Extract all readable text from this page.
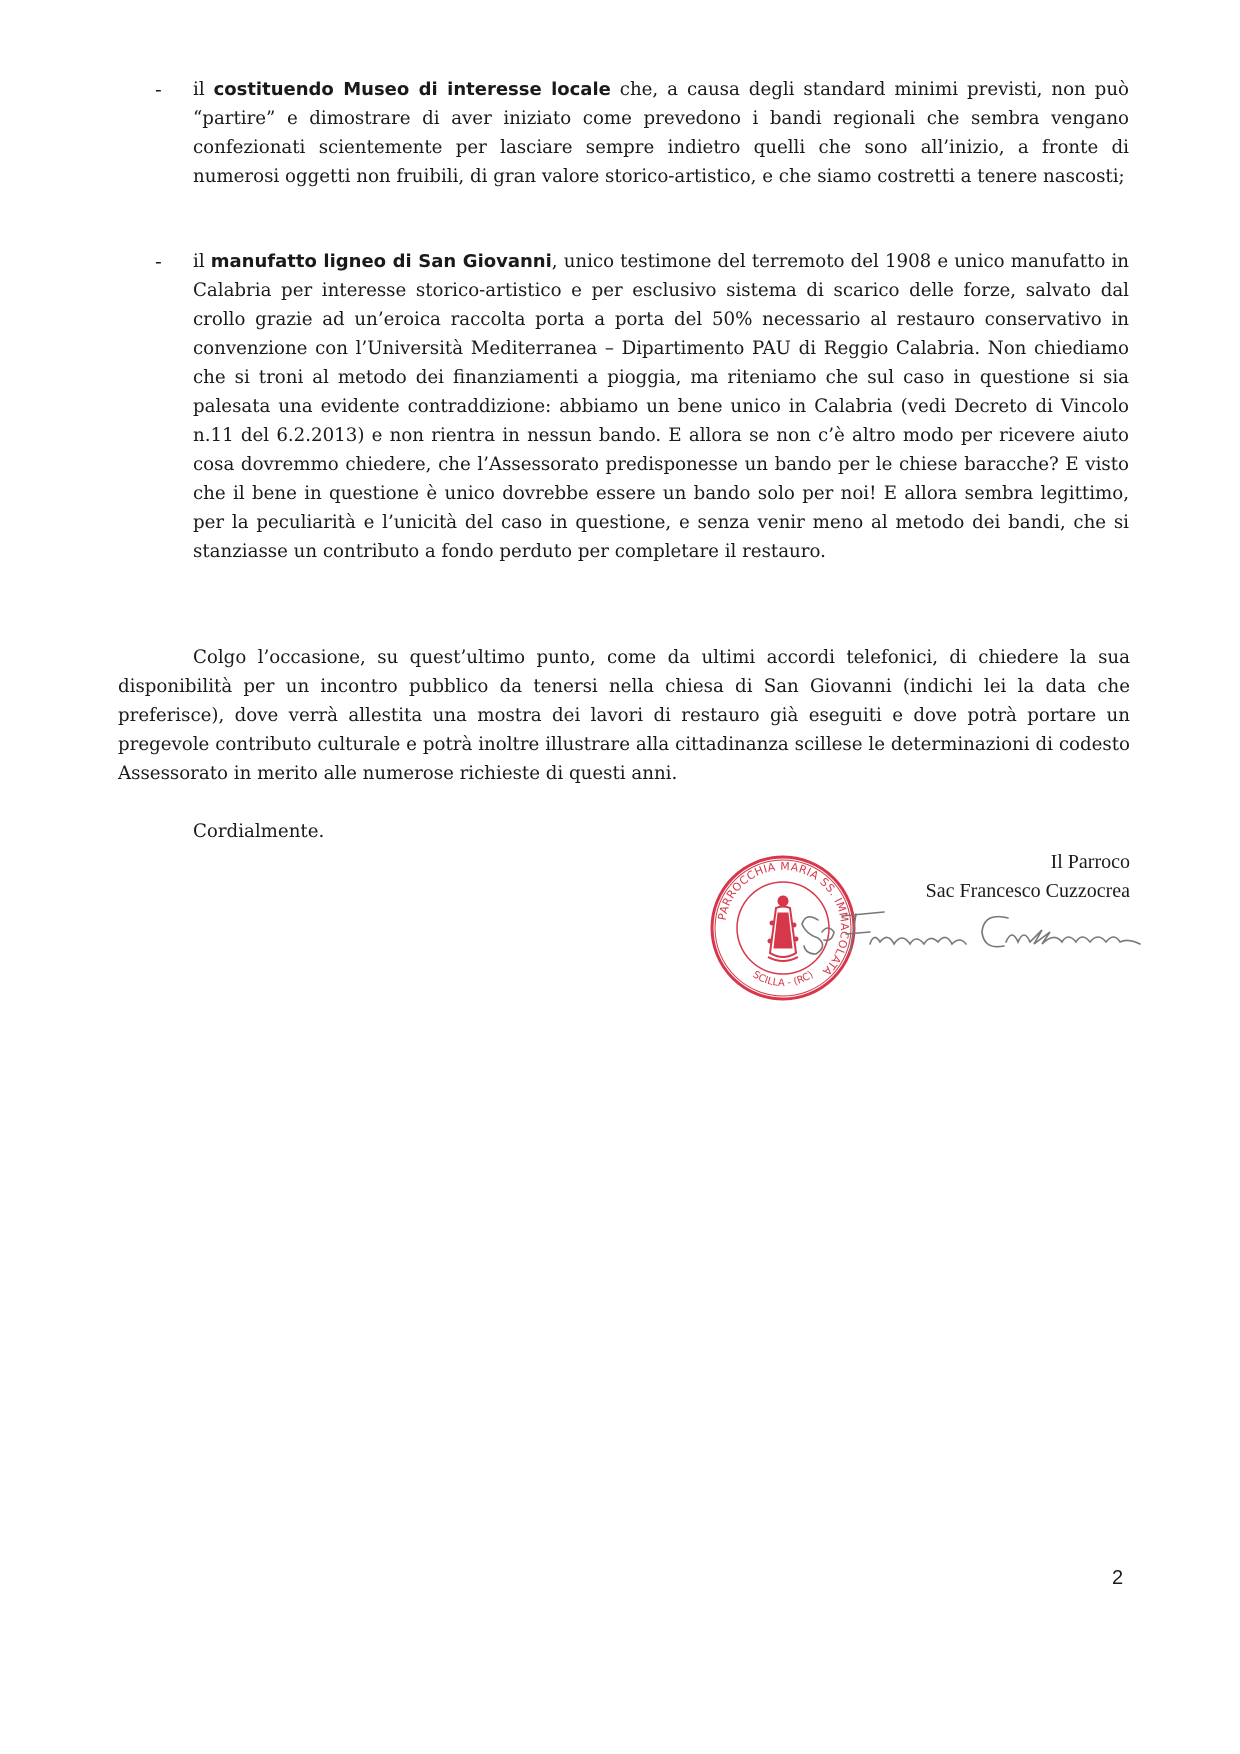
- il costituendo Museo di interesse locale che, a causa degli standard minimi previsti, non può “partire” e dimostrare di aver iniziato come prevedono i bandi regionali che sembra vengano confezionati scientemente per lasciare sempre indietro quelli che sono all’inizio, a fronte di numerosi oggetti non fruibili, di gran valore storico-artistico, e che siamo costretti a tenere nascosti;
- il manufatto ligneo di San Giovanni, unico testimone del terremoto del 1908 e unico manufatto in Calabria per interesse storico-artistico e per esclusivo sistema di scarico delle forze, salvato dal crollo grazie ad un’eroica raccolta porta a porta del 50% necessario al restauro conservativo in convenzione con l’Università Mediterranea – Dipartimento PAU di Reggio Calabria. Non chiediamo che si troni al metodo dei finanziamenti a pioggia, ma riteniamo che sul caso in questione si sia palesata una evidente contraddizione: abbiamo un bene unico in Calabria (vedi Decreto di Vincolo n.11 del 6.2.2013) e non rientra in nessun bando. E allora se non c’è altro modo per ricevere aiuto cosa dovremmo chiedere, che l’Assessorato predisponesse un bando per le chiese baracche? E visto che il bene in questione è unico dovrebbe essere un bando solo per noi! E allora sembra legittimo, per la peculiarità e l’unicità del caso in questione, e senza venir meno al metodo dei bandi, che si stanziasse un contributo a fondo perduto per completare il restauro.

Colgo l’occasione, su quest’ultimo punto, come da ultimi accordi telefonici, di chiedere la sua disponibilità per un incontro pubblico da tenersi nella chiesa di San Giovanni (indichi lei la data che preferisce), dove verrà allestita una mostra dei lavori di restauro già eseguiti e dove potrà portare un pregevole contributo culturale e potrà inoltre illustrare alla cittadinanza scillese le determinazioni di codesto Assessorato in merito alle numerose richieste di questi anni.

Cordialmente.
PARROCCHIA MARIA SS. IMMACOLATA
SCILLA - (RC)
Il Parroco
Sac Francesco Cuzzocrea
2
